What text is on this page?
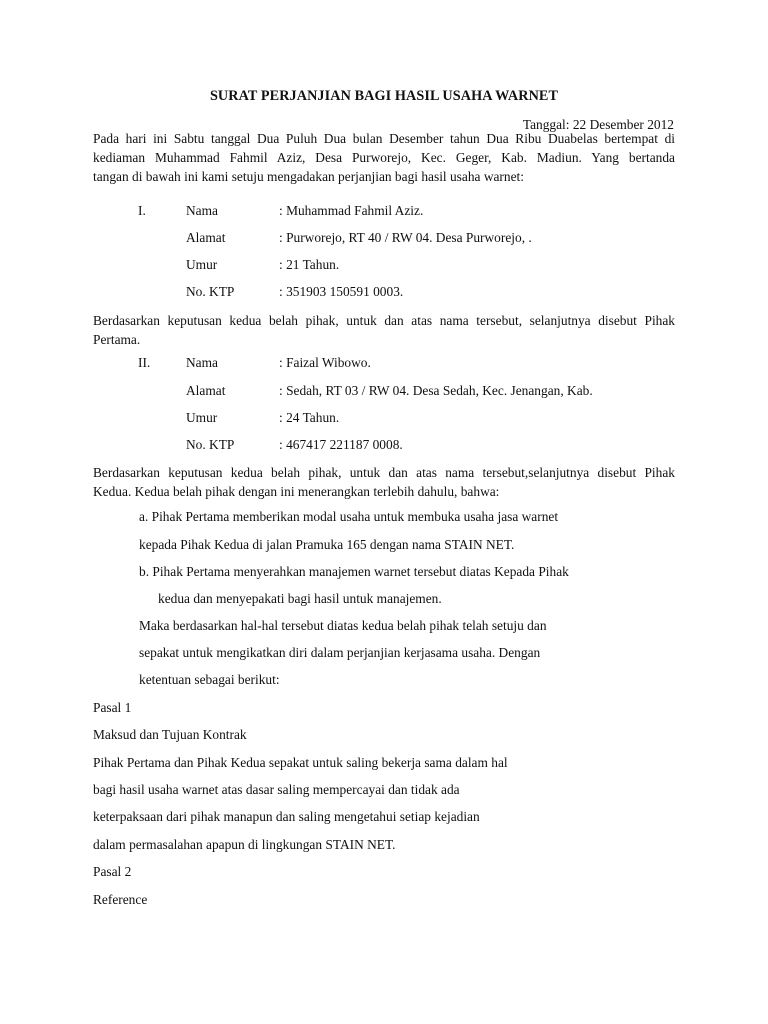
SURAT PERJANJIAN BAGI HASIL USAHA WARNET
Tanggal: 22 Desember 2012
Pada hari ini Sabtu tanggal Dua Puluh Dua bulan Desember tahun Dua Ribu Duabelas bertempat di
kediaman Muhammad Fahmil Aziz, Desa Purworejo, Kec. Geger, Kab. Madiun. Yang bertanda
tangan di bawah ini kami setuju mengadakan perjanjian bagi hasil usaha warnet:
I.	Nama	: Muhammad Fahmil Aziz.
Alamat	: Purworejo, RT 40 / RW 04. Desa Purworejo, .
Umur	: 21 Tahun.
No. KTP	: 351903 150591 0003.
Berdasarkan keputusan kedua belah pihak, untuk dan atas nama tersebut, selanjutnya disebut Pihak
Pertama.
II.	Nama	: Faizal Wibowo.
Alamat	: Sedah, RT 03 / RW 04. Desa Sedah, Kec. Jenangan, Kab.
Umur	: 24 Tahun.
No. KTP	: 467417 221187 0008.
Berdasarkan keputusan kedua belah pihak, untuk dan atas nama tersebut,selanjutnya disebut Pihak
Kedua. Kedua belah pihak dengan ini menerangkan terlebih dahulu, bahwa:
a. Pihak Pertama memberikan modal usaha untuk membuka usaha jasa warnet
kepada Pihak Kedua di jalan Pramuka 165 dengan nama STAIN NET.
b. Pihak Pertama menyerahkan manajemen warnet tersebut diatas Kepada Pihak
kedua dan menyepakati bagi hasil untuk manajemen.
Maka berdasarkan hal-hal tersebut diatas kedua belah pihak telah setuju dan
sepakat untuk mengikatkan diri dalam perjanjian kerjasama usaha. Dengan
ketentuan sebagai berikut:
Pasal 1
Maksud dan Tujuan Kontrak
Pihak Pertama dan Pihak Kedua sepakat untuk saling bekerja sama dalam hal
bagi hasil usaha warnet atas dasar saling mempercayai dan tidak ada
keterpaksaan dari pihak manapun dan saling mengetahui setiap kejadian
dalam permasalahan apapun di lingkungan STAIN NET.
Pasal 2
Reference
